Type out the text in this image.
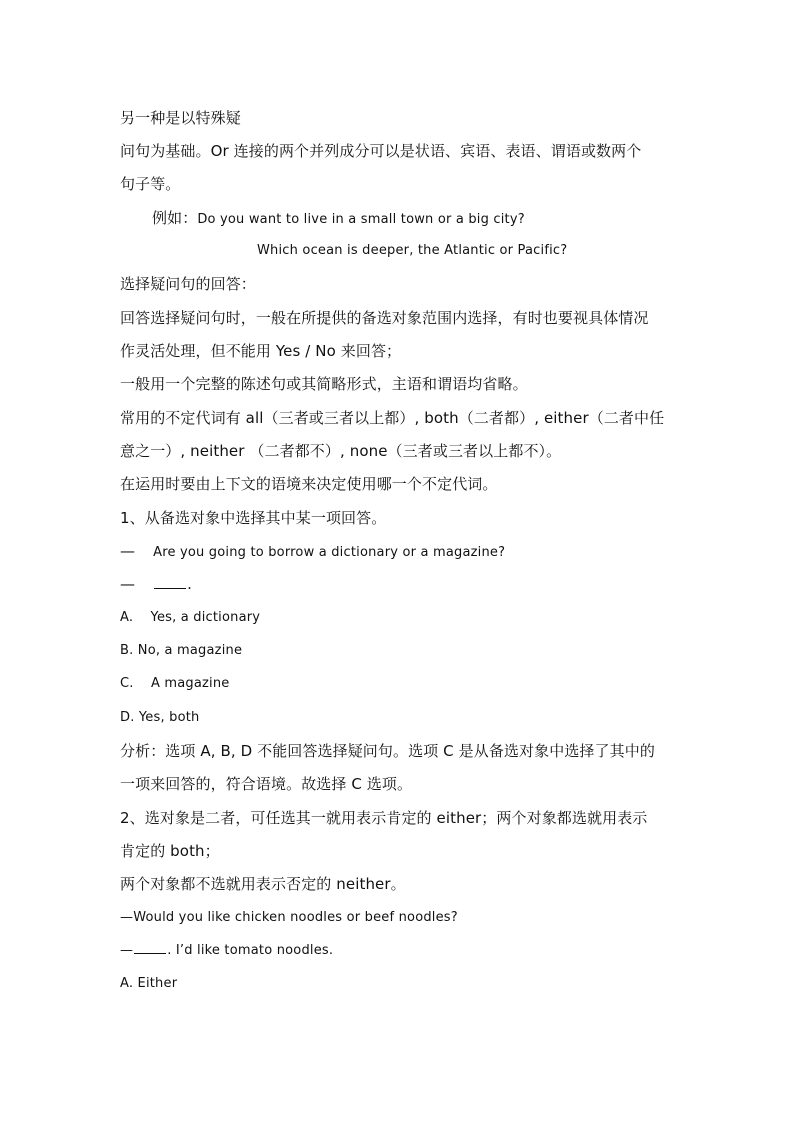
另一种是以特殊疑
问句为基础。Or 连接的两个并列成分可以是状语、宾语、表语、谓语或数两个
句子等。
例如：Do you want to live in a small town or a big city?
Which ocean is deeper, the Atlantic or Pacific?
选择疑问句的回答：
回答选择疑问句时，一般在所提供的备选对象范围内选择，有时也要视具体情况
作灵活处理，但不能用 Yes / No 来回答；
一般用一个完整的陈述句或其简略形式，主语和谓语均省略。
常用的不定代词有 all（三者或三者以上都）, both（二者都）, either（二者中任
意之一）, neither （二者都不）, none（三者或三者以上都不）。
在运用时要由上下文的语境来决定使用哪一个不定代词。
1、从备选对象中选择其中某一项回答。
— Are you going to borrow a dictionary or a magazine?
—	.
A.    Yes, a dictionary
B. No, a magazine
C.    A magazine
D. Yes, both
分析：选项 A, B, D 不能回答选择疑问句。选项 C 是从备选对象中选择了其中的
一项来回答的，符合语境。故选择 C 选项。
2、选对象是二者，可任选其一就用表示肯定的 either；两个对象都选就用表示
肯定的 both；
两个对象都不选就用表示否定的 neither。
—Would you like chicken noodles or beef noodles?
—	. I’d like tomato noodles.
A. Either
